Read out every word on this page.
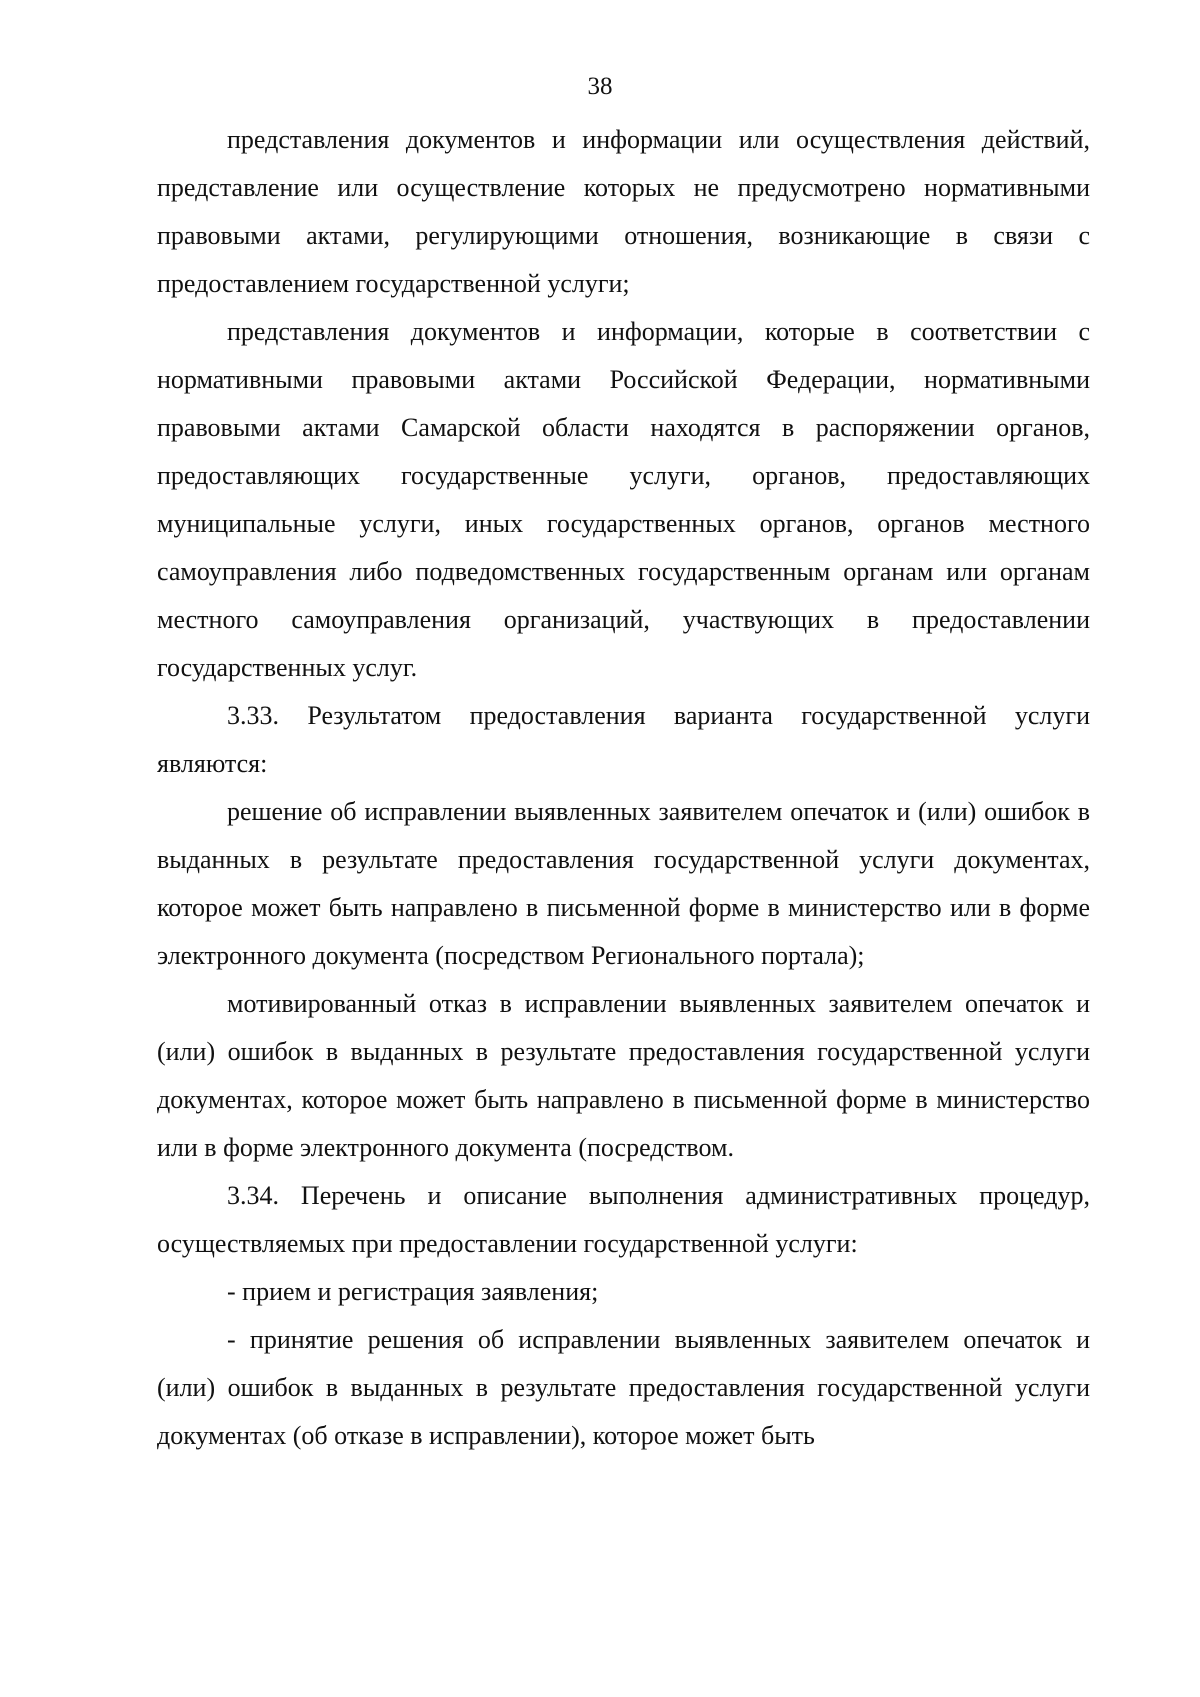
38

представления документов и информации или осуществления действий, представление или осуществление которых не предусмотрено нормативными правовыми актами, регулирующими отношения, возникающие в связи с предоставлением государственной услуги;

представления документов и информации, которые в соответствии с нормативными правовыми актами Российской Федерации, нормативными правовыми актами Самарской области находятся в распоряжении органов, предоставляющих государственные услуги, органов, предоставляющих муниципальные услуги, иных государственных органов, органов местного самоуправления либо подведомственных государственным органам или органам местного самоуправления организаций, участвующих в предоставлении государственных услуг.

3.33. Результатом предоставления варианта государственной услуги являются:

решение об исправлении выявленных заявителем опечаток и (или) ошибок в выданных в результате предоставления государственной услуги документах, которое может быть направлено в письменной форме в министерство или в форме электронного документа (посредством Регионального портала);

мотивированный отказ в исправлении выявленных заявителем опечаток и (или) ошибок в выданных в результате предоставления государственной услуги документах, которое может быть направлено в письменной форме в министерство или в форме электронного документа (посредством.

3.34. Перечень и описание выполнения административных процедур, осуществляемых при предоставлении государственной услуги:

- прием и регистрация заявления;

- принятие решения об исправлении выявленных заявителем опечаток и (или) ошибок в выданных в результате предоставления государственной услуги документах (об отказе в исправлении), которое может быть
